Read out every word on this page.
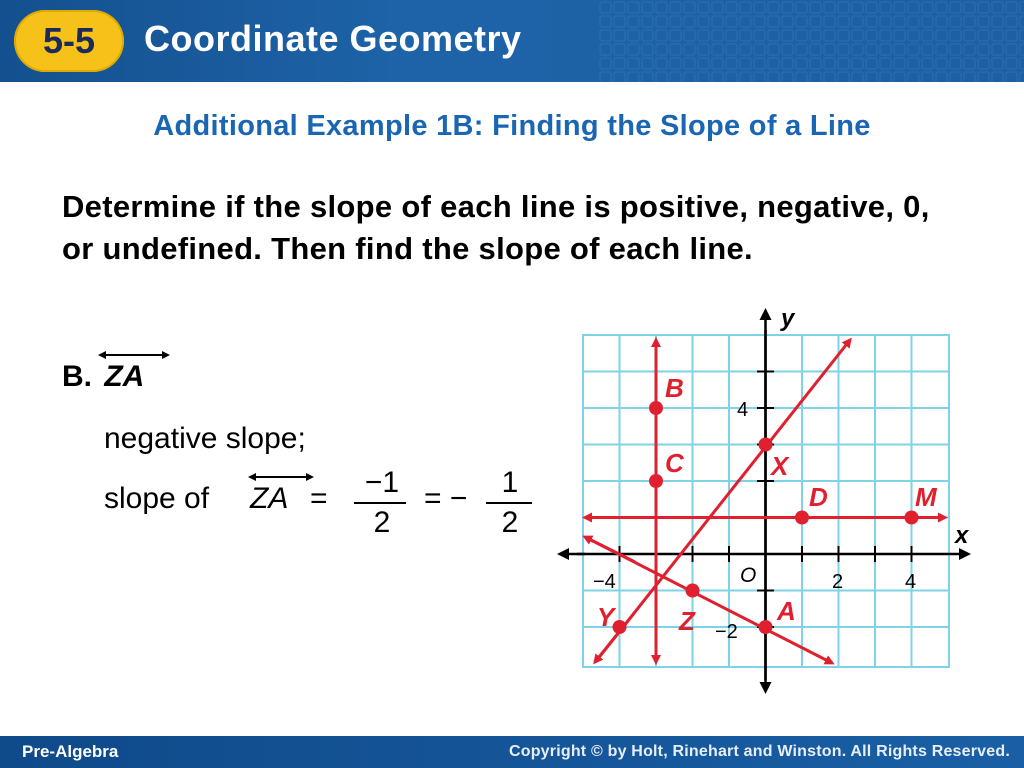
5-5	Coordinate Geometry
Additional Example 1B: Finding the Slope of a Line
Determine if the slope of each line is positive, negative, 0, or undefined. Then find the slope of each line.
B. ZA
negative slope;
slope of ZA =	−1
2
= −	1
2
−4	2	4
4
−2
O
x
y
B
C	X
D	M
Y Z	A
Pre-Algebra	Copyright © by Holt, Rinehart and Winston. All Rights Reserved.
